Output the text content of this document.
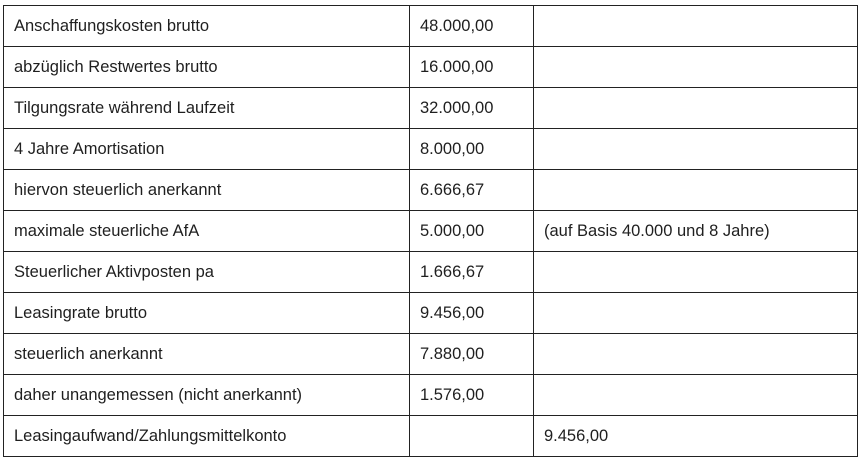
Anschaffungskosten brutto	48.000,00	
abzüglich Restwertes brutto	16.000,00	
Tilgungsrate während Laufzeit	32.000,00	
4 Jahre Amortisation	8.000,00	
hiervon steuerlich anerkannt	6.666,67	
maximale steuerliche AfA	5.000,00	(auf Basis 40.000 und 8 Jahre)
Steuerlicher Aktivposten pa	1.666,67	
Leasingrate brutto	9.456,00	
steuerlich anerkannt	7.880,00	
daher unangemessen (nicht anerkannt)	1.576,00	
Leasingaufwand/Zahlungsmittelkonto		9.456,00
